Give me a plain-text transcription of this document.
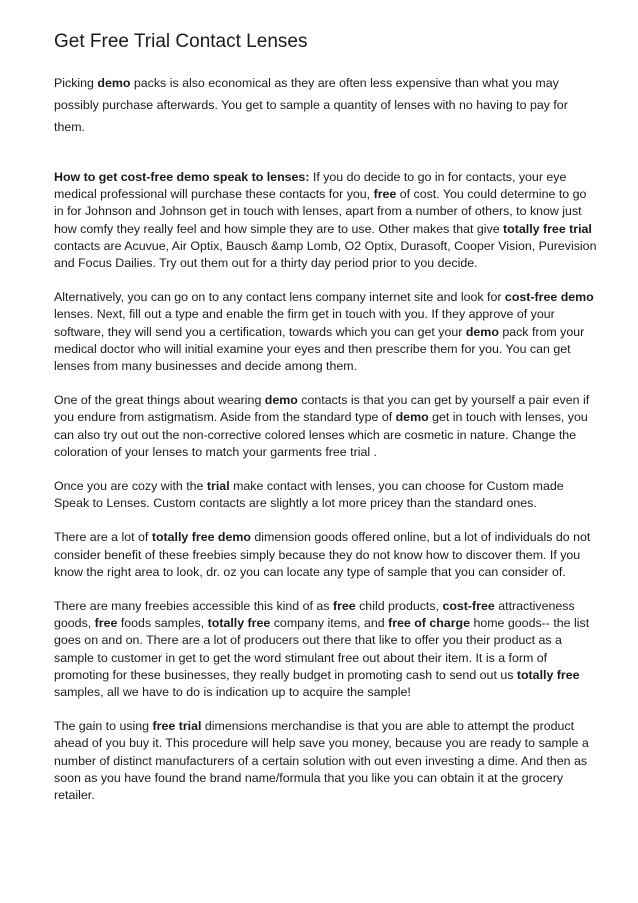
Get Free Trial Contact Lenses

Picking demo packs is also economical as they are often less expensive than what you may possibly purchase afterwards. You get to sample a quantity of lenses with no having to pay for them.

How to get cost-free demo speak to lenses: If you do decide to go in for contacts, your eye medical professional will purchase these contacts for you, free of cost. You could determine to go in for Johnson and Johnson get in touch with lenses, apart from a number of others, to know just how comfy they really feel and how simple they are to use. Other makes that give totally free trial contacts are Acuvue, Air Optix, Bausch &amp Lomb, O2 Optix, Durasoft, Cooper Vision, Purevision and Focus Dailies. Try out them out for a thirty day period prior to you decide.

Alternatively, you can go on to any contact lens company internet site and look for cost-free demo lenses. Next, fill out a type and enable the firm get in touch with you. If they approve of your software, they will send you a certification, towards which you can get your demo pack from your medical doctor who will initial examine your eyes and then prescribe them for you. You can get lenses from many businesses and decide among them.

One of the great things about wearing demo contacts is that you can get by yourself a pair even if you endure from astigmatism. Aside from the standard type of demo get in touch with lenses, you can also try out out the non-corrective colored lenses which are cosmetic in nature. Change the coloration of your lenses to match your garments free trial .

Once you are cozy with the trial make contact with lenses, you can choose for Custom made Speak to Lenses. Custom contacts are slightly a lot more pricey than the standard ones.

There are a lot of totally free demo dimension goods offered online, but a lot of individuals do not consider benefit of these freebies simply because they do not know how to discover them. If you know the right area to look, dr. oz you can locate any type of sample that you can consider of.

There are many freebies accessible this kind of as free child products, cost-free attractiveness goods, free foods samples, totally free company items, and free of charge home goods-- the list goes on and on. There are a lot of producers out there that like to offer you their product as a sample to customer in get to get the word stimulant free out about their item. It is a form of promoting for these businesses, they really budget in promoting cash to send out us totally free samples, all we have to do is indication up to acquire the sample!

The gain to using free trial dimensions merchandise is that you are able to attempt the product ahead of you buy it. This procedure will help save you money, because you are ready to sample a number of distinct manufacturers of a certain solution with out even investing a dime. And then as soon as you have found the brand name/formula that you like you can obtain it at the grocery retailer.
